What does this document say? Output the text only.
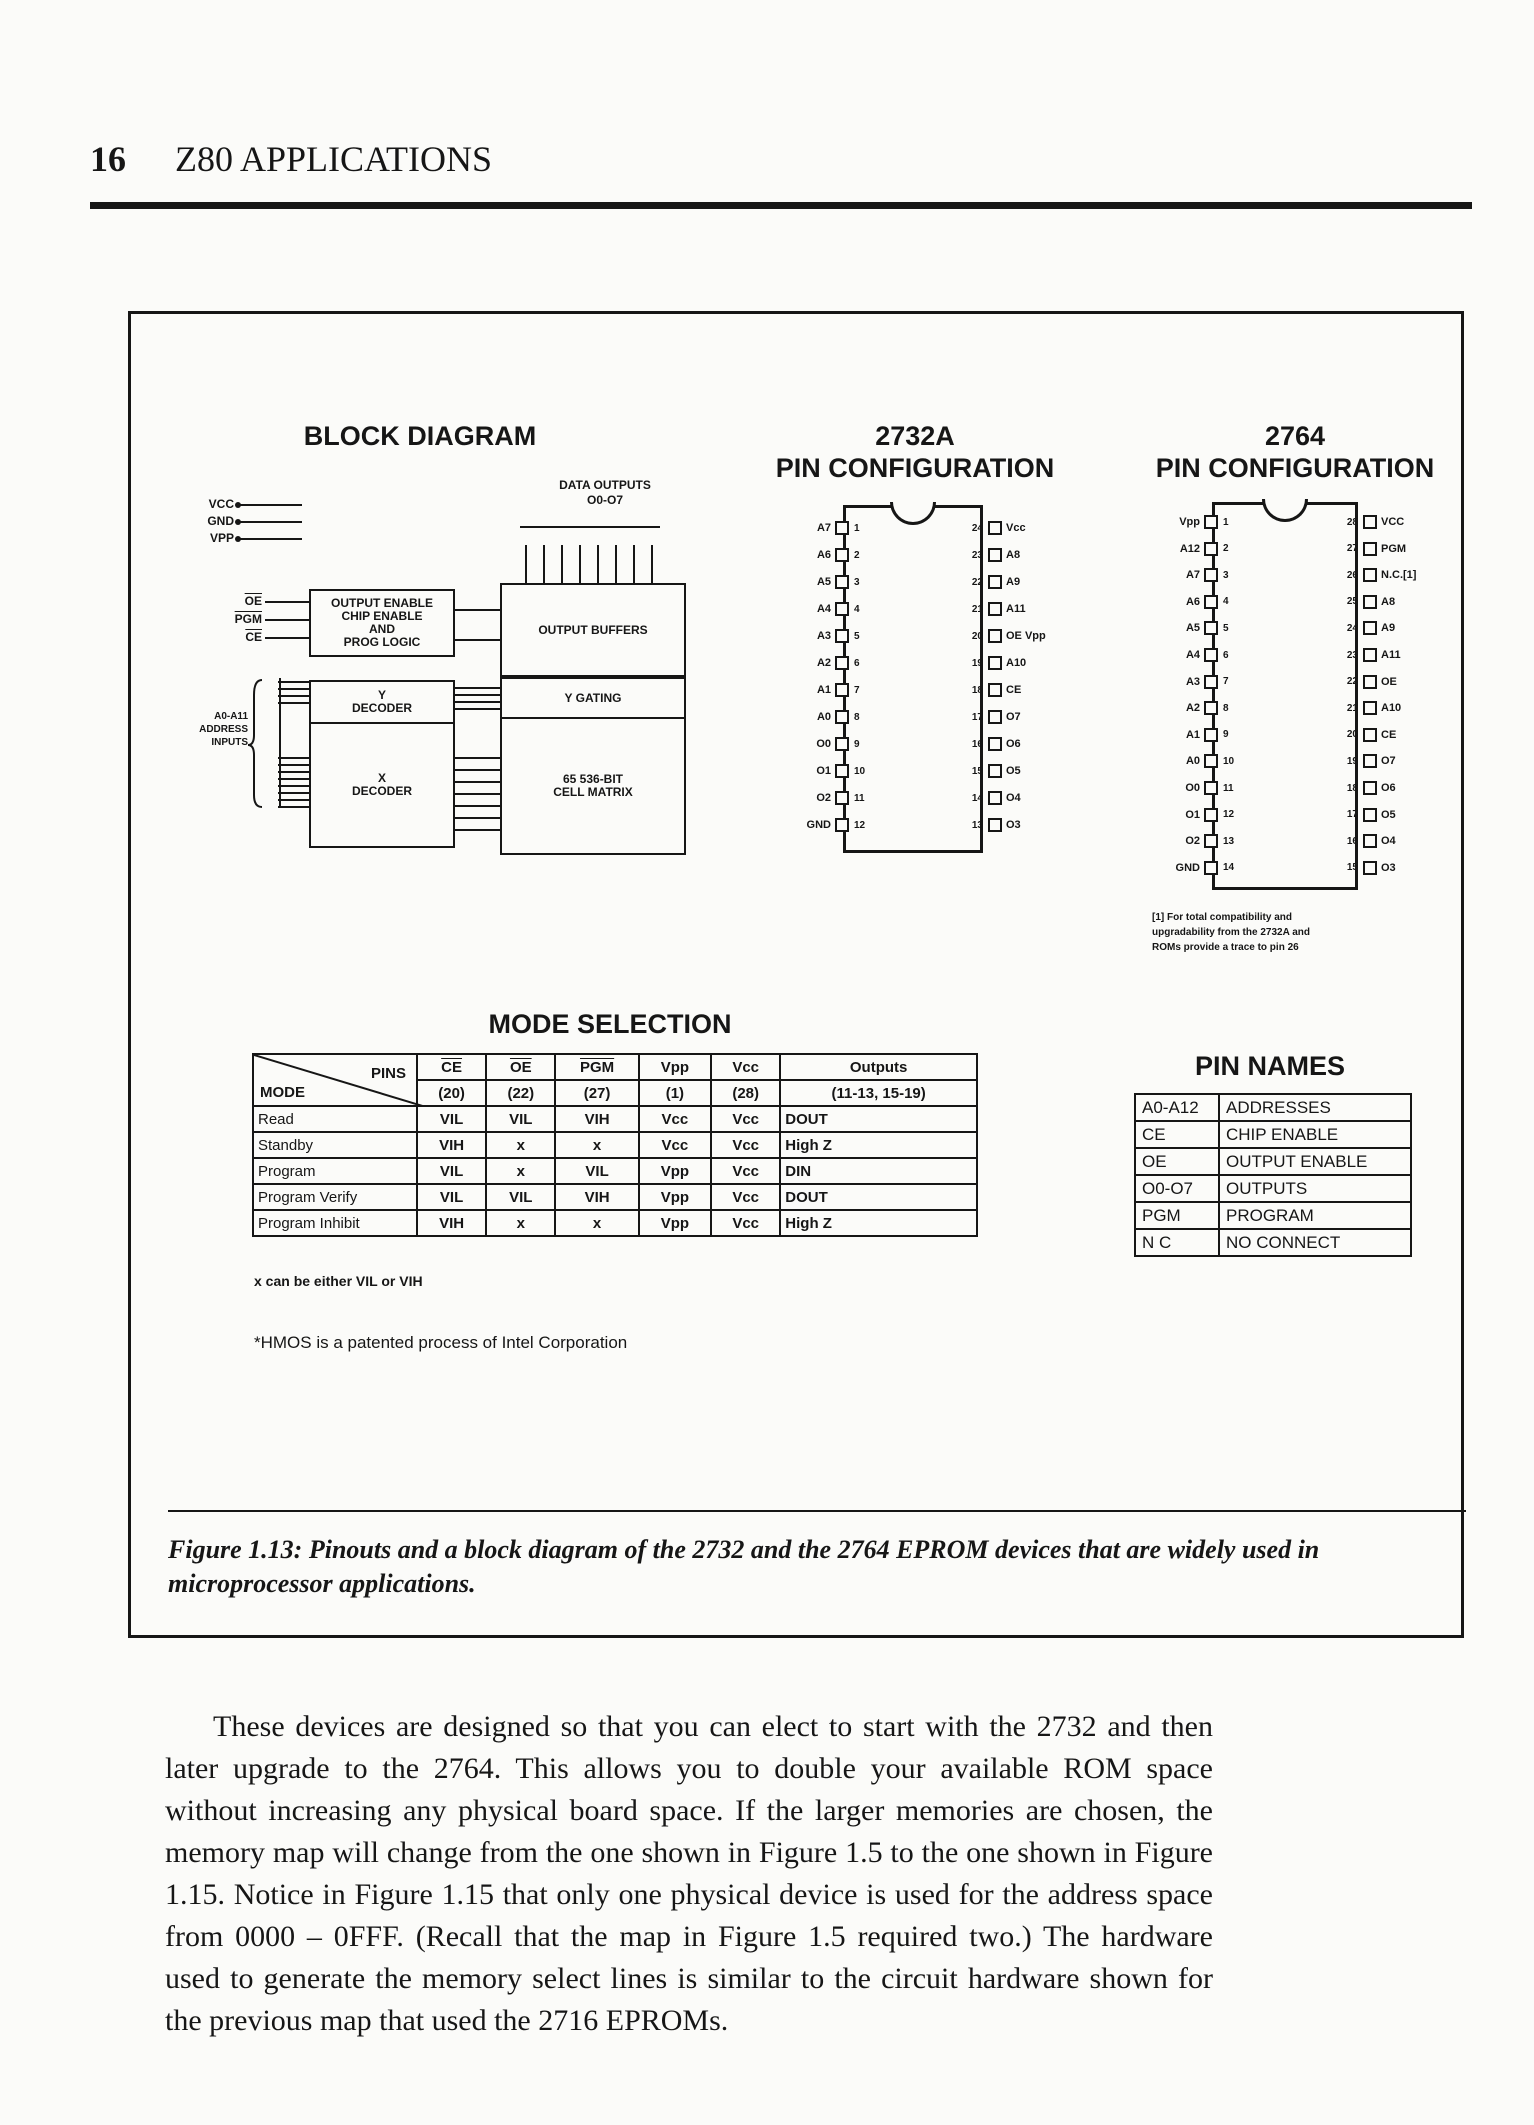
16 Z80 APPLICATIONS
BLOCK DIAGRAM
VCC
GND
VPP
DATA OUTPUTS
O0-O7
OE
PGM
CE
OUTPUT ENABLE
CHIP ENABLE
AND
PROG LOGIC
OUTPUT BUFFERS
Y
DECODER
Y GATING
X
DECODER
65 536-BIT
CELL MATRIX
A0-A11
ADDRESS
INPUTS
2732A
PIN CONFIGURATION
A7	1
A6	2
A5	3
A4	4
A3	5
A2	6
A1	7
A0	8
O0	9
O1	10
O2	11
GND	12
24	Vcc
23	A8
22	A9
21	A11
20	OE Vpp
19	A10
18	CE
17	O7
16	O6
15	O5
14	O4
13	O3
2764
PIN CONFIGURATION
Vpp	1
A12	2
A7	3
A6	4
A5	5
A4	6
A3	7
A2	8
A1	9
A0	10
O0	11
O1	12
O2	13
GND	14
28	VCC
27	PGM
26	N.C.[1]
25	A8
24	A9
23	A11
22	OE
21	A10
20	CE
19	O7
18	O6
17	O5
16	O4
15	O3
[1] For total compatibility and
upgradability from the 2732A and
ROMs provide a trace to pin 26
MODE SELECTION
PINS
MODE	$\overline{CE}$	$\overline{OE}$	$\overline{PGM}$	Vpp	Vcc	Outputs
	(20)	(22)	(27)	(1)	(28)	(11-13, 15-19)
Read	VIL	VIL	VIH	Vcc	Vcc	DOUT
Standby	VIH	x	x	Vcc	Vcc	High Z
Program	VIL	x	VIL	Vpp	Vcc	DIN
Program Verify	VIL	VIL	VIH	Vpp	Vcc	DOUT
Program Inhibit	VIH	x	x	Vpp	Vcc	High Z
x can be either VIL or VIH
*HMOS is a patented process of Intel Corporation
PIN NAMES
A0-A12	ADDRESSES
CE	CHIP ENABLE
OE	OUTPUT ENABLE
O0-O7	OUTPUTS
PGM	PROGRAM
N C	NO CONNECT
Figure 1.13: Pinouts and a block diagram of the 2732 and the 2764 EPROM devices that are widely used in microprocessor applications.
These devices are designed so that you can elect to start with the 2732 and then later upgrade to the 2764. This allows you to double your available ROM space without increasing any physical board space. If the larger memories are chosen, the memory map will change from the one shown in Figure 1.5 to the one shown in Figure 1.15. Notice in Figure 1.15 that only one physical device is used for the address space from 0000 – 0FFF. (Recall that the map in Figure 1.5 required two.) The hardware used to generate the memory select lines is similar to the circuit hardware shown for the previous map that used the 2716 EPROMs.
